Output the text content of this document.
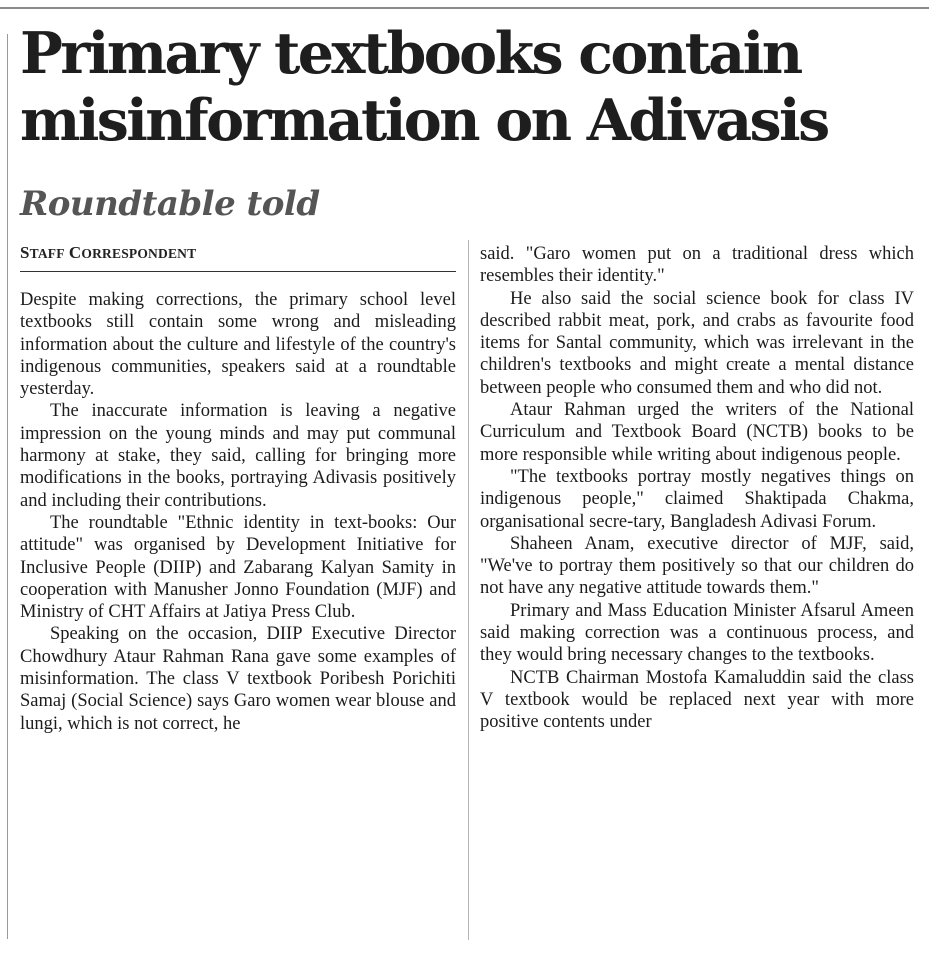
Primary textbooks contain
misinformation on Adivasis
Roundtable told
STAFF CORRESPONDENT

Despite making corrections, the primary school level textbooks still contain some wrong and misleading information about the culture and lifestyle of the country's indigenous communities, speakers said at a roundtable yesterday.

The inaccurate information is leaving a negative impression on the young minds and may put communal harmony at stake, they said, calling for bringing more modifications in the books, portraying Adivasis positively and including their contributions.

The roundtable "Ethnic identity in text-books: Our attitude" was organised by Development Initiative for Inclusive People (DIIP) and Zabarang Kalyan Samity in cooperation with Manusher Jonno Foundation (MJF) and Ministry of CHT Affairs at Jatiya Press Club.

Speaking on the occasion, DIIP Executive Director Chowdhury Ataur Rahman Rana gave some examples of misinformation. The class V textbook Poribesh Porichiti Samaj (Social Science) says Garo women wear blouse and lungi, which is not correct, he

said. "Garo women put on a traditional dress which resembles their identity."

He also said the social science book for class IV described rabbit meat, pork, and crabs as favourite food items for Santal community, which was irrelevant in the children's textbooks and might create a mental distance between people who consumed them and who did not.

Ataur Rahman urged the writers of the National Curriculum and Textbook Board (NCTB) books to be more responsible while writing about indigenous people.

"The textbooks portray mostly negatives things on indigenous people," claimed Shaktipada Chakma, organisational secre-tary, Bangladesh Adivasi Forum.

Shaheen Anam, executive director of MJF, said, "We've to portray them positively so that our children do not have any negative attitude towards them."

Primary and Mass Education Minister Afsarul Ameen said making correction was a continuous process, and they would bring necessary changes to the textbooks.

NCTB Chairman Mostofa Kamaluddin said the class V textbook would be replaced next year with more positive contents under
